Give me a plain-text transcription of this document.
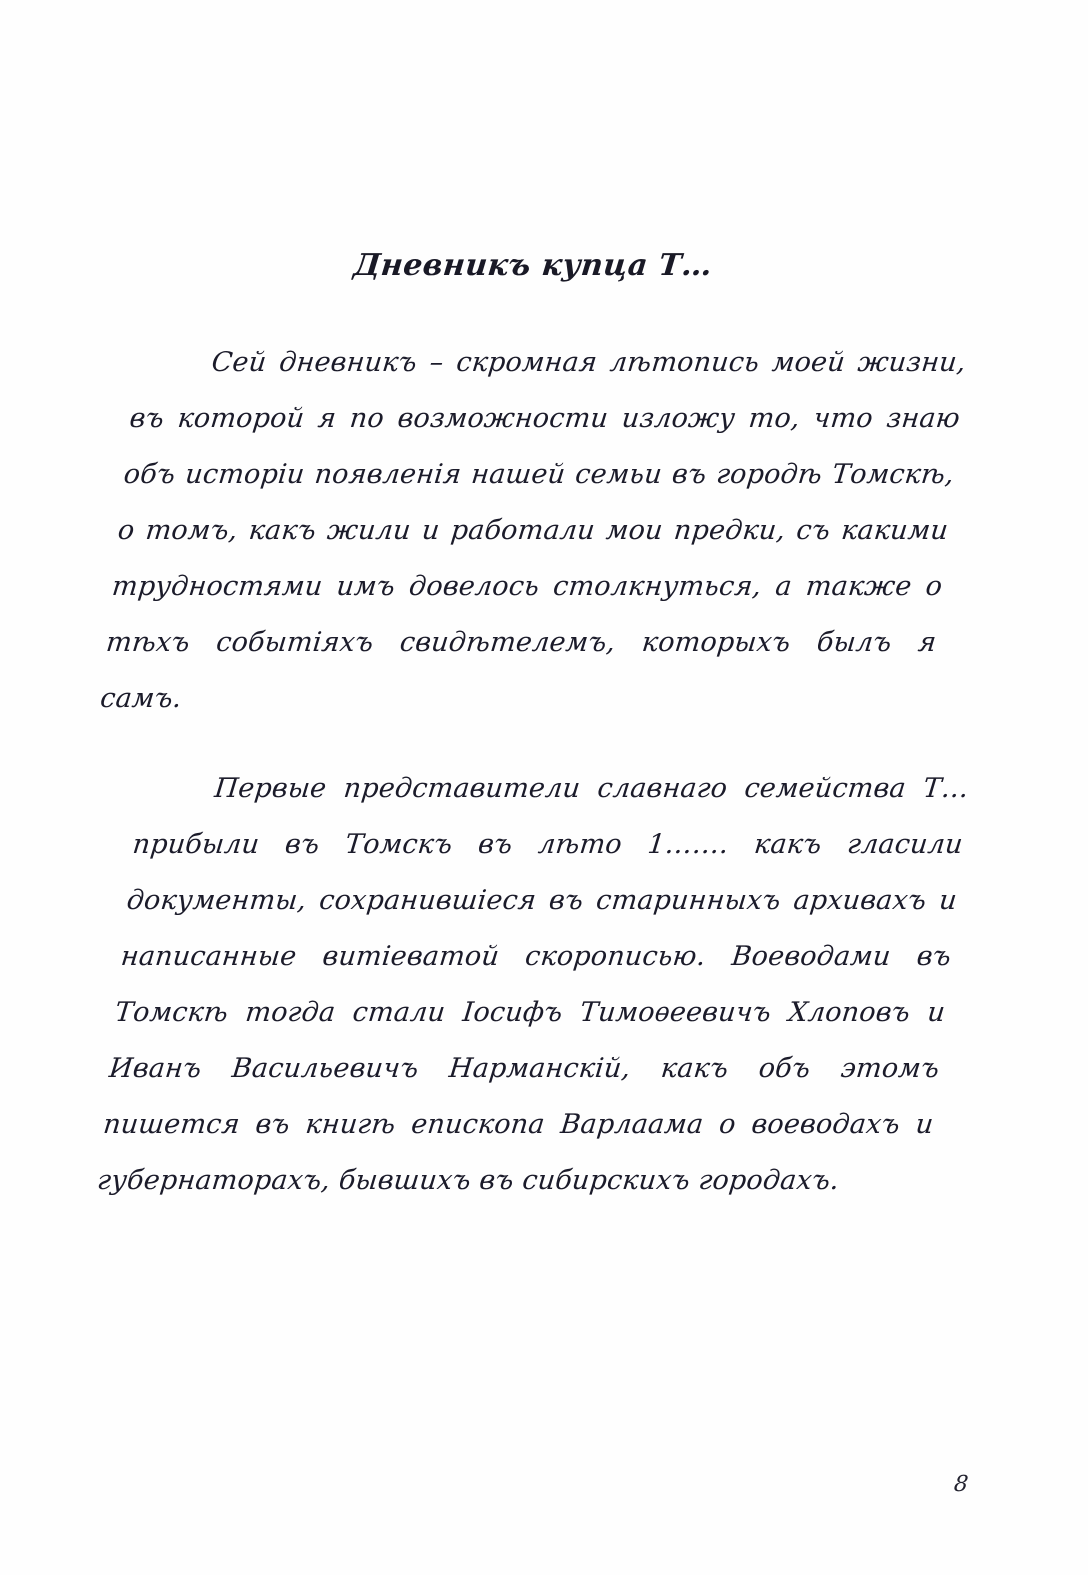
Дневникъ купца Т…

Сей дневникъ – скромная лѣтопись моей жизни, въ которой я по возможности изложу то, что знаю объ исторіи появленія нашей семьи въ городѣ Томскѣ, о томъ, какъ жили и работали мои предки, съ какими трудностями имъ довелось столкнуться, а также о тѣхъ событіяхъ свидѣтелемъ, которыхъ былъ я самъ.

Первые представители славнаго семейства Т… прибыли въ Томскъ въ лѣто 1……. какъ гласили документы, сохранившіеся въ старинныхъ архивахъ и написанные витіеватой скорописью. Воеводами въ Томскѣ тогда стали Іосифъ Тимоѳеевичъ Хлоповъ и Иванъ Васильевичъ Нарманскій, какъ объ этомъ пишется въ книгѣ епископа Варлаама о воеводахъ и губернаторахъ, бывшихъ въ сибирскихъ городахъ.

8
